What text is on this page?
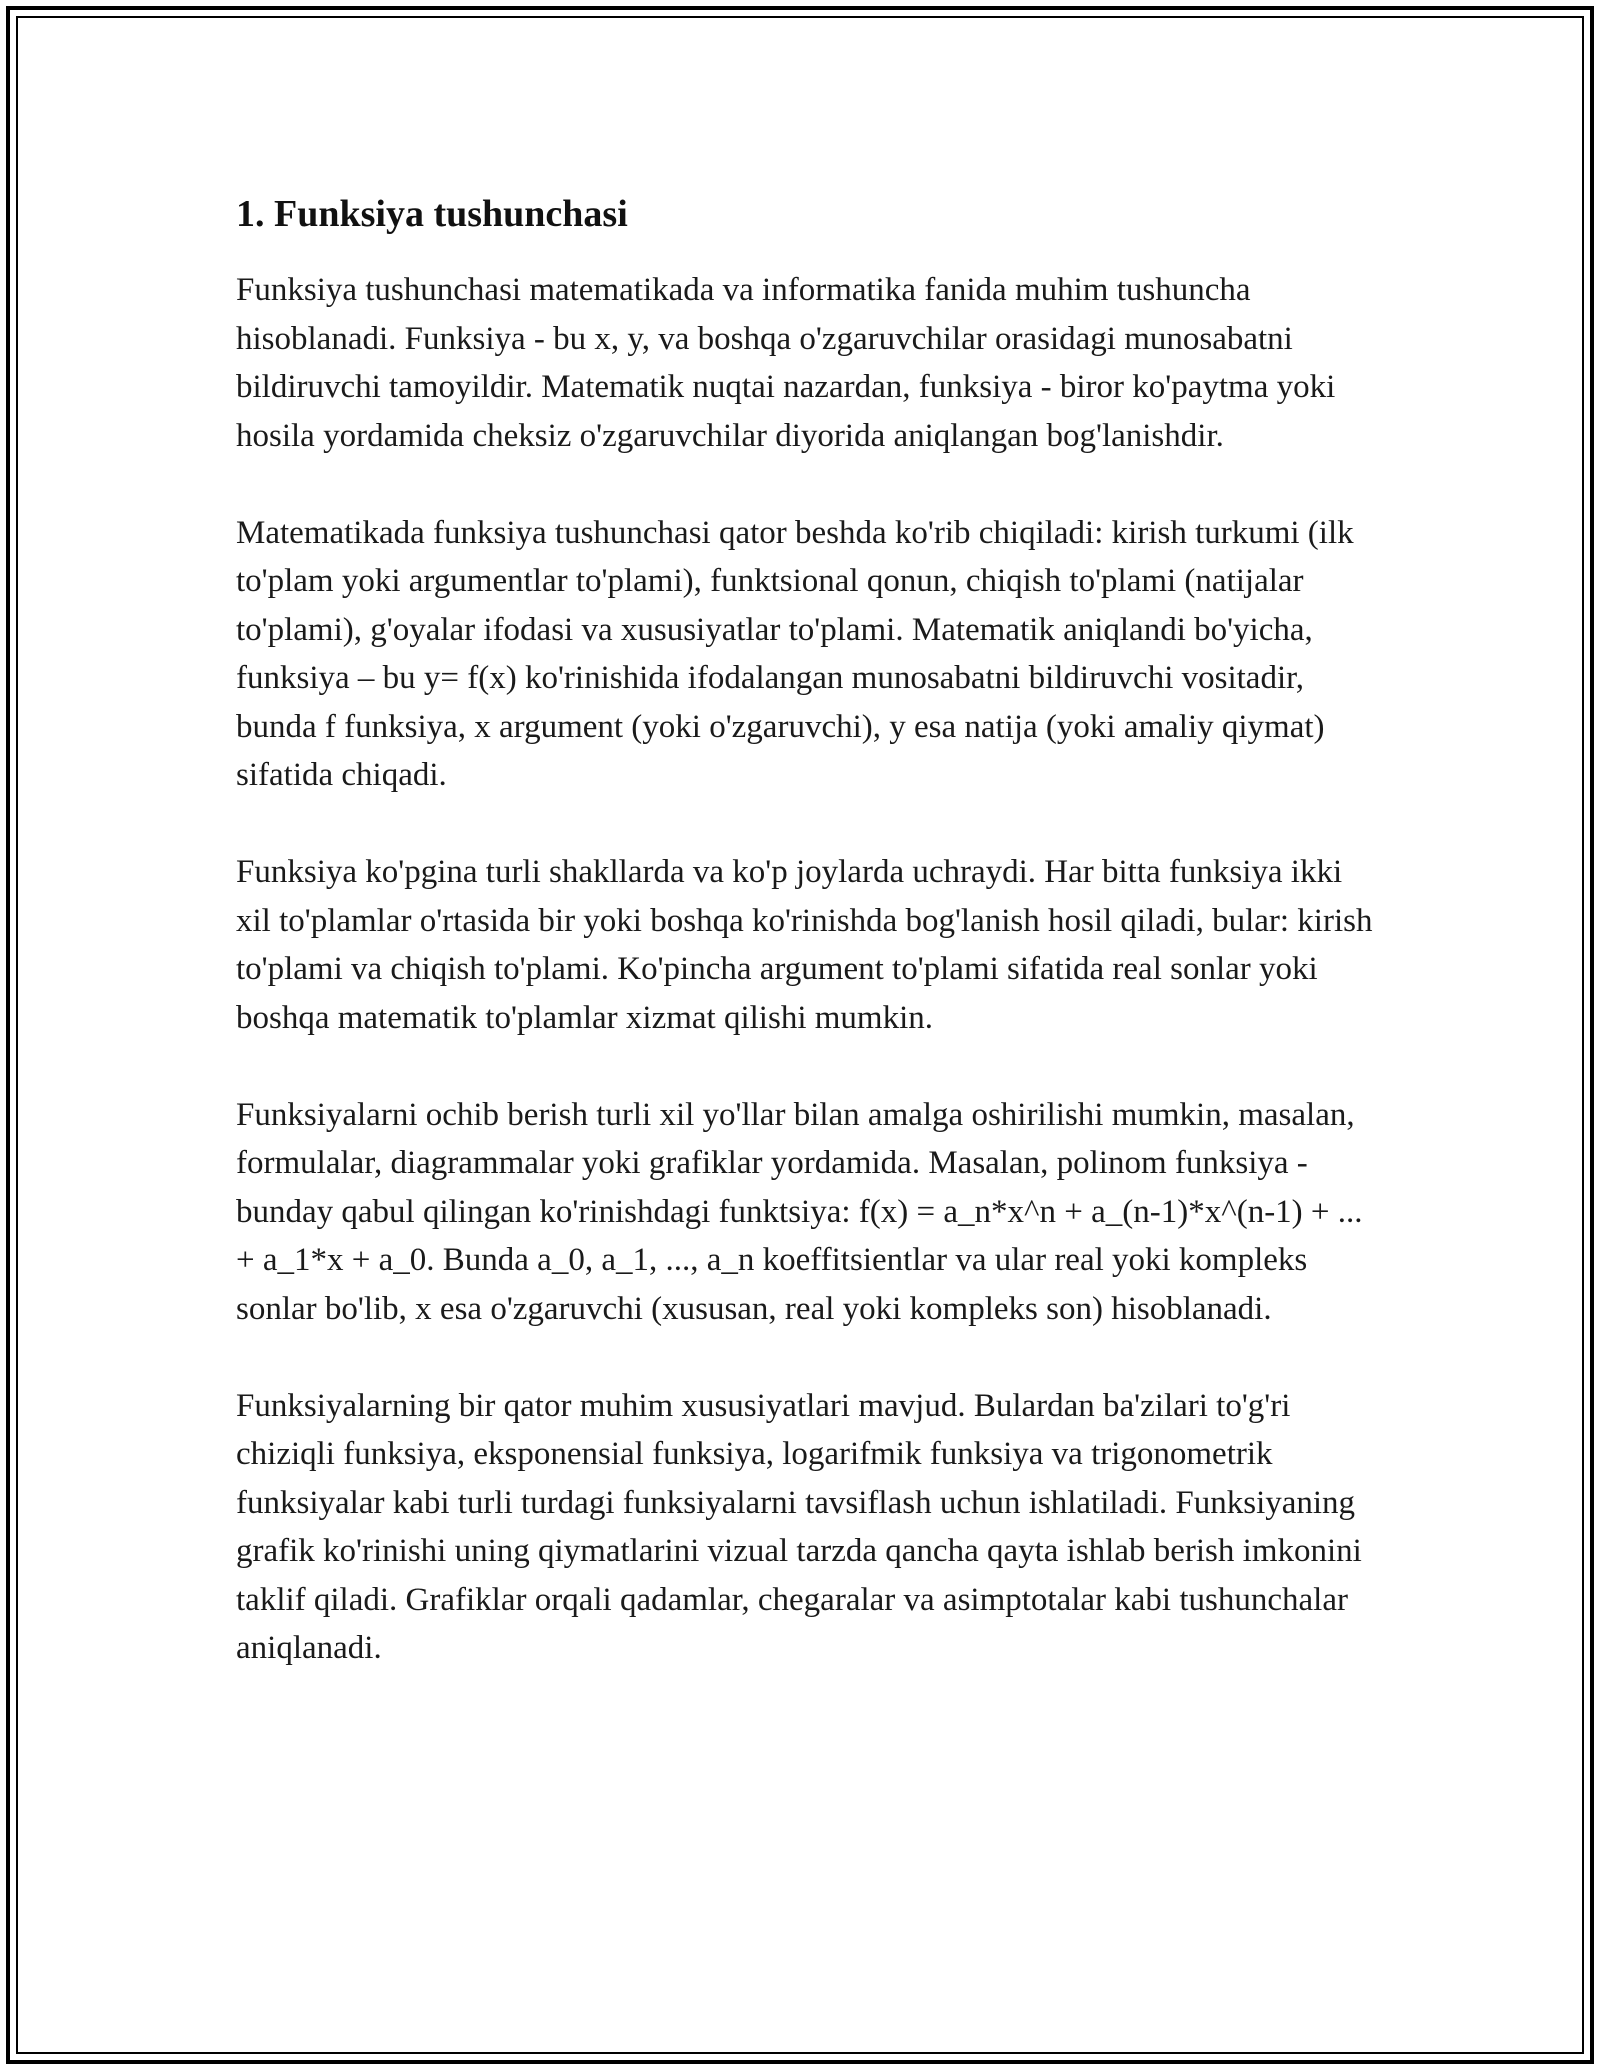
1. Funksiya tushunchasi

Funksiya tushunchasi matematikada va informatika fanida muhim tushuncha hisoblanadi. Funksiya - bu x, y, va boshqa o'zgaruvchilar orasidagi munosabatni bildiruvchi tamoyildir. Matematik nuqtai nazardan, funksiya - biror ko'paytma yoki hosila yordamida cheksiz o'zgaruvchilar diyorida aniqlangan bog'lanishdir.

Matematikada funksiya tushunchasi qator beshda ko'rib chiqiladi: kirish turkumi (ilk to'plam yoki argumentlar to'plami), funktsional qonun, chiqish to'plami (natijalar to'plami), g'oyalar ifodasi va xususiyatlar to'plami. Matematik aniqlandi bo'yicha, funksiya – bu y= f(x) ko'rinishida ifodalangan munosabatni bildiruvchi vositadir, bunda f funksiya, x argument (yoki o'zgaruvchi), y esa natija (yoki amaliy qiymat) sifatida chiqadi.

Funksiya ko'pgina turli shakllarda va ko'p joylarda uchraydi. Har bitta funksiya ikki xil to'plamlar o'rtasida bir yoki boshqa ko'rinishda bog'lanish hosil qiladi, bular: kirish to'plami va chiqish to'plami. Ko'pincha argument to'plami sifatida real sonlar yoki boshqa matematik to'plamlar xizmat qilishi mumkin.

Funksiyalarni ochib berish turli xil yo'llar bilan amalga oshirilishi mumkin, masalan, formulalar, diagrammalar yoki grafiklar yordamida. Masalan, polinom funksiya - bunday qabul qilingan ko'rinishdagi funktsiya: f(x) = a_n*x^n + a_(n-1)*x^(n-1) + ... + a_1*x + a_0. Bunda a_0, a_1, ..., a_n koeffitsientlar va ular real yoki kompleks sonlar bo'lib, x esa o'zgaruvchi (xususan, real yoki kompleks son) hisoblanadi.

Funksiyalarning bir qator muhim xususiyatlari mavjud. Bulardan ba'zilari to'g'ri chiziqli funksiya, eksponensial funksiya, logarifmik funksiya va trigonometrik funksiyalar kabi turli turdagi funksiyalarni tavsiflash uchun ishlatiladi. Funksiyaning grafik ko'rinishi uning qiymatlarini vizual tarzda qancha qayta ishlab berish imkonini taklif qiladi. Grafiklar orqali qadamlar, chegaralar va asimptotalar kabi tushunchalar aniqlanadi.
